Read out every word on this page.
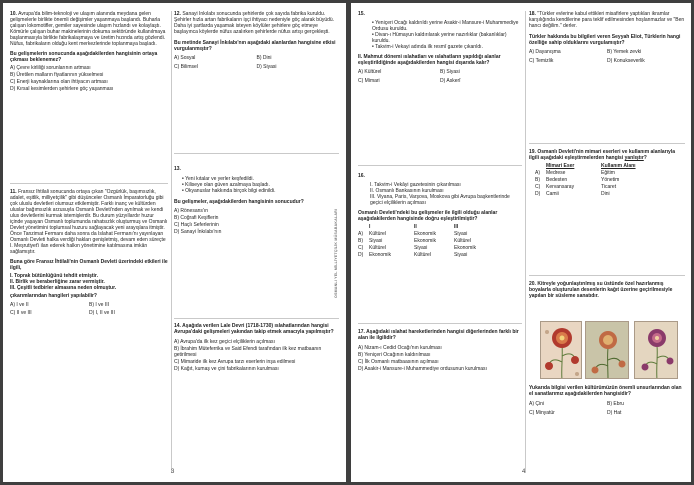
10. Avrupa'da bilim-teknoloji ve ulaşım alanında meydana gelen gelişmelerle birlikte önemli değişimler yaşanmaya başlandı. Buharla çalışan lokomotifler, gemiler sayesinde ulaşım hızlandı ve kolaylaştı. Kömürle çalışan buhar makinelerinin dokuma sektöründe kullanılmaya başlanmasıyla birlikte fabrikalaşmaya ve üretim hızında artış gözlendi. Nüfus, fabrikaların olduğu kent merkezlerinde toplanmaya başladı.
Bu gelişmelerin sonucunda aşağıdakilerden hangisinin ortaya çıkması beklenemez?
A) Çevre kirliliği sorunlarının artması
B) Üretilen malların fiyatlarının yükselmesi
C) Enerji kaynaklarına olan ihtiyacın artması
D) Kırsal kesimlerden şehirlere göç yaşanması
11. Fransız İhtilali sonucunda ortaya çıkan "Özgürlük, başımsızlık, adalet, eşitlik, milliyetçilik" gibi düşünceler Osmanlı İmparatorluğu gibi çok uluslu devletleri olumsuz etkilemiştir. Farklı inanç ve kültürden uluslar bağımsızlık arzusuyla Osmanlı Devleti'nden ayrılmak ve kendi ulus devletlerini kurmak istemişlerdir. Bu durum yüzyıllardır huzur içinde yaşayan Osmanlı toplumunda rahatsızlık oluşturmuş ve Osmanlı Devlet yönetimini toplumsal huzuru sağlayacak yeni arayışlara itmiştir. Önce Tanzimat Fermanı daha sonra da Islahat Fermanı'nı yayınlayan Osmanlı Devleti halka verdiği hakları genişletmiş, devam eden süreçte I. Meşrutiyet'i ilan ederek halkın yönetimine katılmasına imkân sağlamıştır.
Buna göre Fransız İhtilali'nin Osmanlı Devleti üzerindeki etkileri ile ilgili,
I. Toprak bütünlüğünü tehdit etmiştir.
II. Birlik ve beraberliğine zarar vermiştir.
III. Çeşitli tedbirler almasına neden olmuştur.
çıkarımlarından hangileri yapılabilir?
A) I ve II	B) I ve III
C) II ve III	D) I, II ve III
12. Sanayi İnkılabı sonucunda şehirlerde çok sayıda fabrika kuruldu. Şehirler hızla artan fabrikaların işçi ihtiyacı nedeniyle göç alarak büyüdü. Daha iyi şartlarda yaşamak isteyen köylüler şehirlere göç etmeye başlayınca köylerde nüfus azalırken şehirlerde nüfus artışı gerçekleşti.
Bu metinde Sanayi İnkılabı'nın aşağıdaki alanlardan hangisine etkisi vurgulanmıştır?
A) Sosyal	B) Dini
C) Bilimsel	D) Siyasi
13.
• Yeni kıtalar ve yerler keşfedildi.
• Kiliseye olan güven azalmaya başladı.
• Okyanuslar hakkında birçok bilgi edinildi.
Bu gelişmeler, aşağıdakilerden hangisinin sonucudur?
A) Rönesans'ın
B) Coğrafi Keşiflerin
C) Haçlı Seferlerinin
D) Sanayi İnkılabı'nın
14. Aşağıda verilen Lale Devri (1718-1730) ıslahatlarından hangisi Avrupa'daki gelişmeleri yakından takip etmek amacıyla yapılmıştır?
A) Avrupa'da ilk kez geçici elçiliklerin açılması
B) İbrahim Müteferrika ve Said Efendi tarafından ilk kez matbaanın getirilmesi
C) Mimaride ilk kez Avrupa tarzı eserlerin inşa edilmesi
D) Kağıt, kumaş ve çini fabrikalarının kurulması
OSMANLI YEL MİLLİYETÇİLİK MÜSABAKALARI
3
15.
• Yeniçeri Ocağı kaldırıldı yerine Asakir-i Mansure-i Muhammediye Ordusu kuruldu.
• Divan-ı Hümayun kaldırılarak yerine nazırlıklar (bakanlıklar) kuruldu.
• Takvim-i Vekayi adında ilk resmî gazete çıkarıldı.
II. Mahmut dönemi ıslahatları ve ıslahatların yapıldığı alanlar eşleştirildiğinde aşağıdakilerden hangisi dışarıda kalır?
A) Kültürel	B) Siyasi
C) Mimari	D) Askerî
16.
I. Takvim-i Vekâyi gazetesinin çıkarılması
II. Osmanlı Bankasının kurulması
III. Viyana, Paris, Varşova, Moskova gibi Avrupa başkentlerinde geçici elçiliklerin açılması
Osmanlı Devleti'ndeki bu gelişmeler ile ilgili olduğu alanlar aşağıdakilerden hangisinde doğru eşleştirilmiştir?
I	II	III
A)	Kültürel	Ekonomik	Siyasi
B)	Siyasi	Ekonomik	Kültürel
C)	Kültürel	Siyasi	Ekonomik
D)	Ekonomik	Kültürel	Siyasi
17. Aşağıdaki ıslahat hareketlerinden hangisi diğerlerinden farklı bir alan ile ilgilidir?
A) Nizam-ı Cedid Ocağı'nın kurulması
B) Yeniçeri Ocağının kaldırılması
C) İlk Osmanlı matbaasının açılması
D) Asakir-i Mansure-i Muhammediye ordusunun kurulması
18. "Türkler evlerine kabul ettikleri misafirlere yaptıkları ikramlar karşılığında kendilerine para teklif edilmesinden hoşlanmazlar ve "Ben hancı değilim." derler.
Türkler hakkında bu bilgileri veren Seyyah Eliot, Türklerin hangi özelliğe sahip olduklarını vurgulamıştır?
A) Dayanışma	B) Yemek zevki
C) Temizlik	D) Konukseverlik
19. Osmanlı Devleti'nin mimari eserleri ve kullanım alanlarıyla ilgili aşağıdaki eşleştirmelerden hangisi yanlıştır?
Mimari Eser	Kullanım Alanı
A)	Medrese	Eğitim
B)	Bedesten	Yönetim
C)	Kervansaray	Ticaret
D)	Camii	Dini
20. Kitreyle yoğunlaştırılmış su üstünde özel hazırlanmış boyalarla oluşturulan desenlerin kağıt üzerine geçirilmesiyle yapılan bir süsleme sanatıdır.
Yukarıda bilgisi verilen kültürümüzün önemli unsurlarından olan el sanatlarımız aşağıdakilerden hangisidir?
A) Çini	B) Ebru
C) Minyatür	D) Hat
4
